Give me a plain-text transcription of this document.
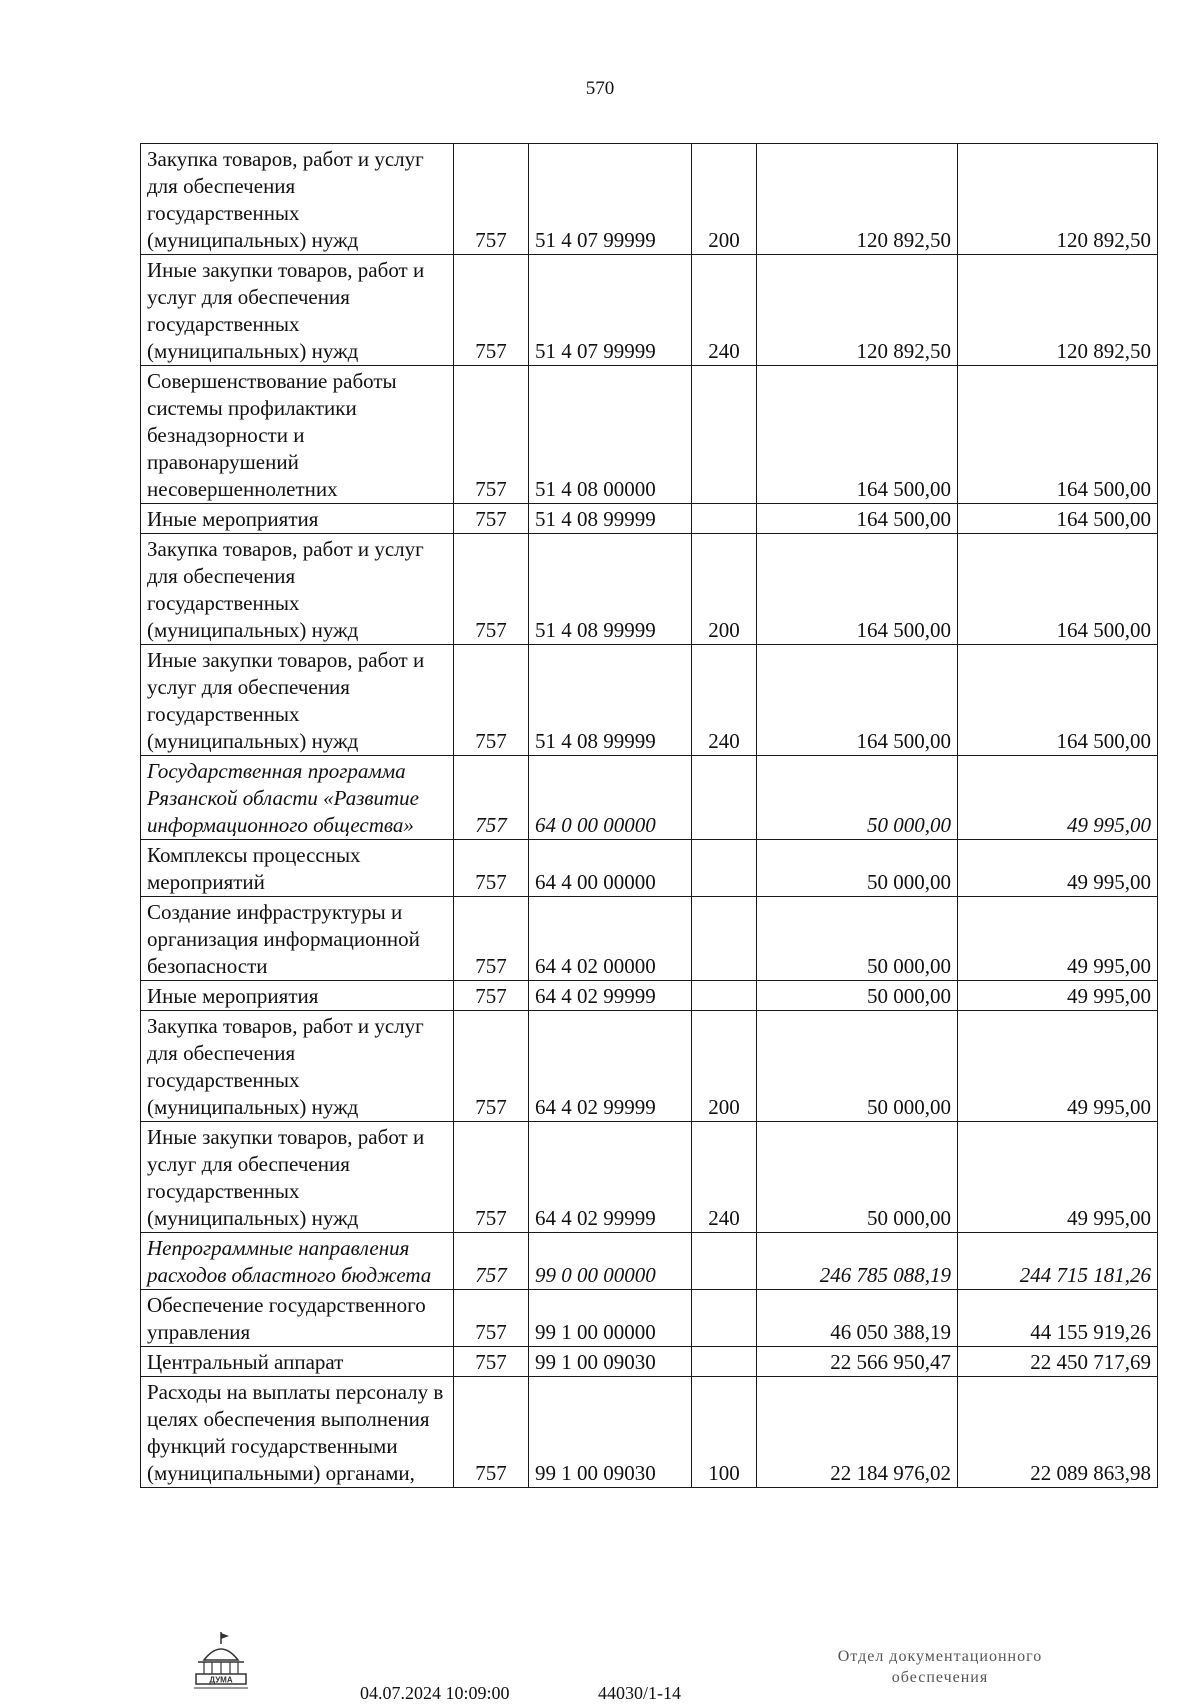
570
Закупка товаров, работ и услуг для обеспечения государственных (муниципальных) нужд	757	51 4 07 99999	200	120 892,50	120 892,50
Иные закупки товаров, работ и услуг для обеспечения государственных (муниципальных) нужд	757	51 4 07 99999	240	120 892,50	120 892,50
Совершенствование работы системы профилактики безнадзорности и правонарушений несовершеннолетних	757	51 4 08 00000		164 500,00	164 500,00
Иные мероприятия	757	51 4 08 99999		164 500,00	164 500,00
Закупка товаров, работ и услуг для обеспечения государственных (муниципальных) нужд	757	51 4 08 99999	200	164 500,00	164 500,00
Иные закупки товаров, работ и услуг для обеспечения государственных (муниципальных) нужд	757	51 4 08 99999	240	164 500,00	164 500,00
Государственная программа Рязанской области «Развитие информационного общества»	757	64 0 00 00000		50 000,00	49 995,00
Комплексы процессных мероприятий	757	64 4 00 00000		50 000,00	49 995,00
Создание инфраструктуры и организация информационной безопасности	757	64 4 02 00000		50 000,00	49 995,00
Иные мероприятия	757	64 4 02 99999		50 000,00	49 995,00
Закупка товаров, работ и услуг для обеспечения государственных (муниципальных) нужд	757	64 4 02 99999	200	50 000,00	49 995,00
Иные закупки товаров, работ и услуг для обеспечения государственных (муниципальных) нужд	757	64 4 02 99999	240	50 000,00	49 995,00
Непрограммные направления расходов областного бюджета	757	99 0 00 00000		246 785 088,19	244 715 181,26
Обеспечение государственного управления	757	99 1 00 00000		46 050 388,19	44 155 919,26
Центральный аппарат	757	99 1 00 09030		22 566 950,47	22 450 717,69
Расходы на выплаты персоналу в целях обеспечения выполнения функций государственными (муниципальными) органами,	757	99 1 00 09030	100	22 184 976,02	22 089 863,98
ДУМА
04.07.2024 10:09:00	44030/1-14
Отдел документационного
обеспечения
